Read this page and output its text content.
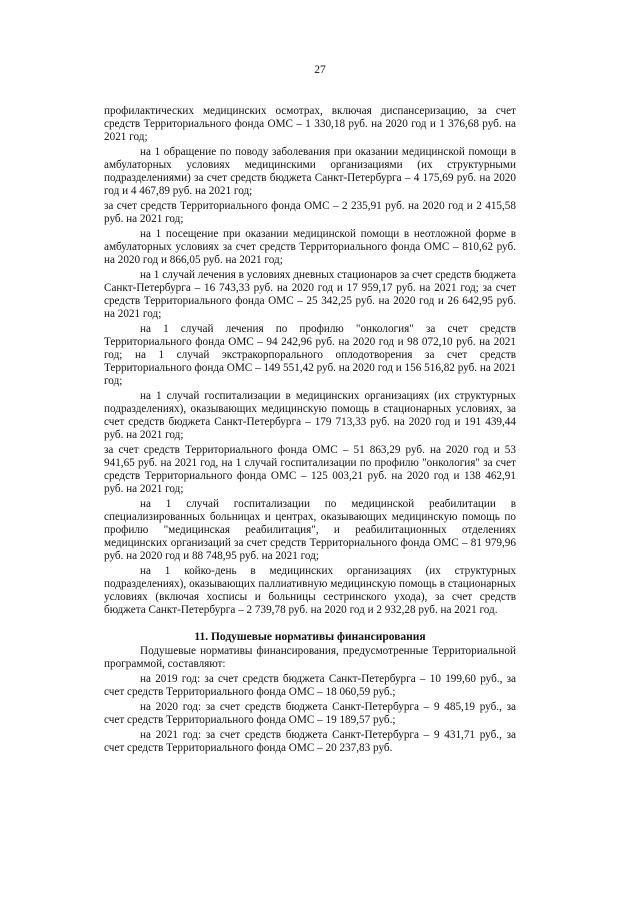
27

профилактических медицинских осмотрах, включая диспансеризацию, за счет средств Территориального фонда ОМС – 1 330,18 руб. на 2020 год и 1 376,68 руб. на 2021 год;

на 1 обращение по поводу заболевания при оказании медицинской помощи в амбулаторных условиях медицинскими организациями (их структурными подразделениями) за счет средств бюджета Санкт-Петербурга – 4 175,69 руб. на 2020 год и 4 467,89 руб. на 2021 год;

за счет средств Территориального фонда ОМС – 2 235,91 руб. на 2020 год и 2 415,58 руб. на 2021 год;

на 1 посещение при оказании медицинской помощи в неотложной форме в амбулаторных условиях за счет средств Территориального фонда ОМС – 810,62 руб. на 2020 год и 866,05 руб. на 2021 год;

на 1 случай лечения в условиях дневных стационаров за счет средств бюджета Санкт-Петербурга – 16 743,33 руб. на 2020 год и 17 959,17 руб. на 2021 год; за счет средств Территориального фонда ОМС – 25 342,25 руб. на 2020 год и 26 642,95 руб. на 2021 год;

на 1 случай лечения по профилю "онкология" за счет средств Территориального фонда ОМС – 94 242,96 руб. на 2020 год и 98 072,10 руб. на 2021 год; на 1 случай экстракорпорального оплодотворения за счет средств Территориального фонда ОМС – 149 551,42 руб. на 2020 год и 156 516,82 руб. на 2021 год;

на 1 случай госпитализации в медицинских организациях (их структурных подразделениях), оказывающих медицинскую помощь в стационарных условиях, за счет средств бюджета Санкт-Петербурга – 179 713,33 руб. на 2020 год и 191 439,44 руб. на 2021 год;

за счет средств Территориального фонда ОМС – 51 863,29 руб. на 2020 год и 53 941,65 руб. на 2021 год, на 1 случай госпитализации по профилю "онкология" за счет средств Территориального фонда ОМС – 125 003,21 руб. на 2020 год и 138 462,91 руб. на 2021 год;

на 1 случай госпитализации по медицинской реабилитации в специализированных больницах и центрах, оказывающих медицинскую помощь по профилю "медицинская реабилитация", и реабилитационных отделениях медицинских организаций за счет средств Территориального фонда ОМС – 81 979,96 руб. на 2020 год и 88 748,95 руб. на 2021 год;

на 1 койко-день в медицинских организациях (их структурных подразделениях), оказывающих паллиативную медицинскую помощь в стационарных условиях (включая хосписы и больницы сестринского ухода), за счет средств бюджета Санкт-Петербурга – 2 739,78 руб. на 2020 год и 2 932,28 руб. на 2021 год.

11. Подушевые нормативы финансирования

Подушевые нормативы финансирования, предусмотренные Территориальной программой, составляют:

на 2019 год: за счет средств бюджета Санкт-Петербурга – 10 199,60 руб., за счет средств Территориального фонда ОМС – 18 060,59 руб.;

на 2020 год: за счет средств бюджета Санкт-Петербурга – 9 485,19 руб., за счет средств Территориального фонда ОМС – 19 189,57 руб.;

на 2021 год: за счет средств бюджета Санкт-Петербурга – 9 431,71 руб., за счет средств Территориального фонда ОМС – 20 237,83 руб.
